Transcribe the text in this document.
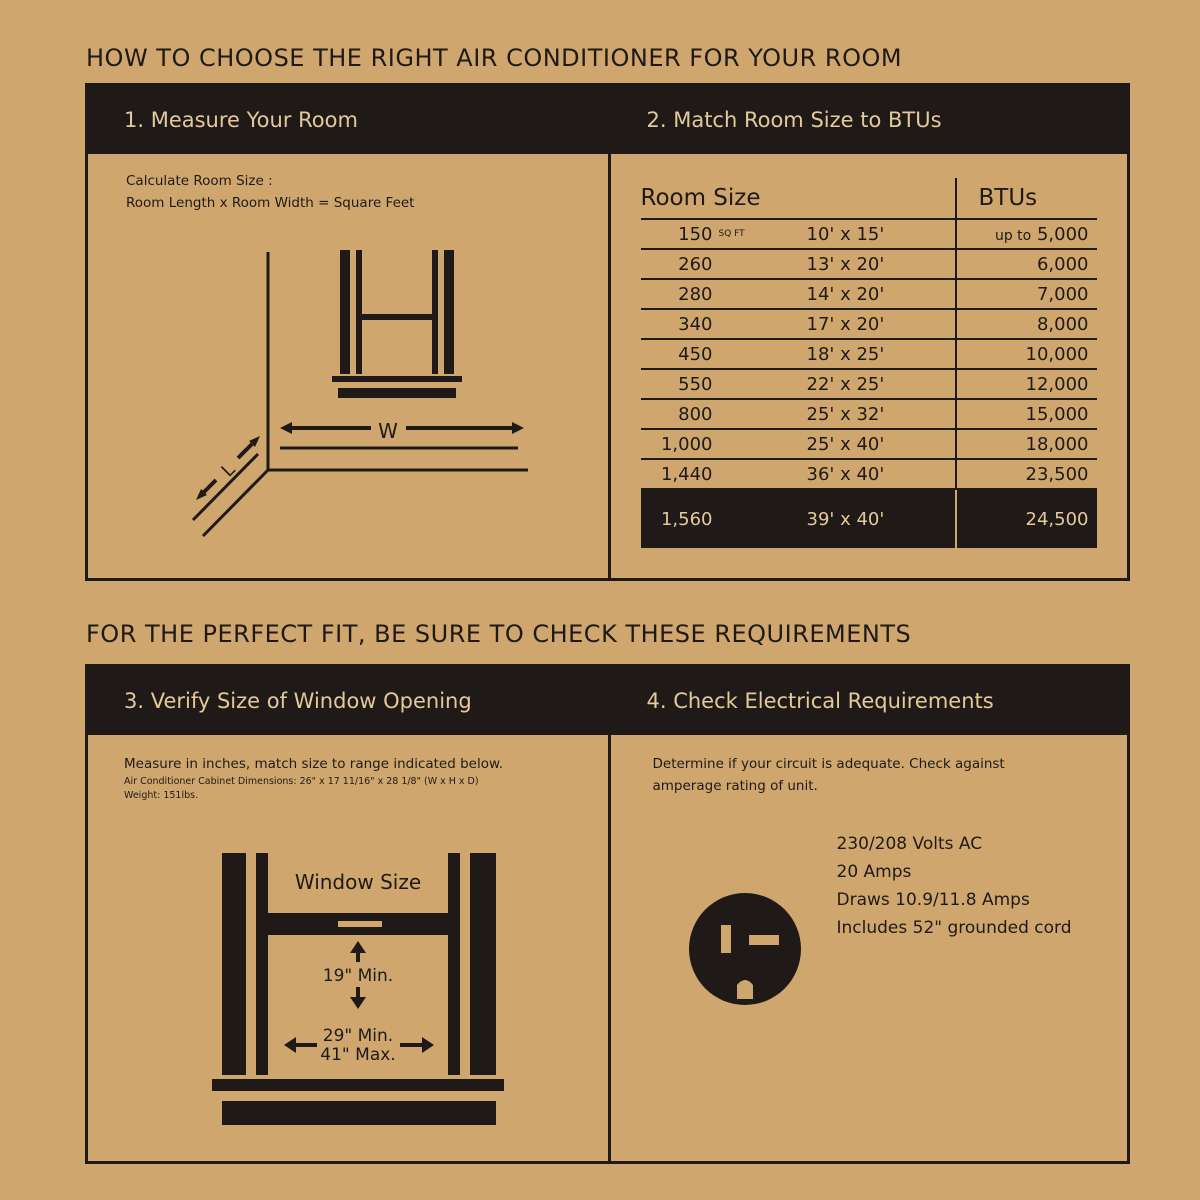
HOW TO CHOOSE THE RIGHT AIR CONDITIONER FOR YOUR ROOM
1. Measure Your Room
Calculate Room Size :
Room Length x Room Width = Square Feet
W
L
2. Match Room Size to BTUs
Room Size			BTUs
150	SQ FT	10' x 15'	up to 5,000
260		13' x 20'	6,000
280		14' x 20'	7,000
340		17' x 20'	8,000
450		18' x 25'	10,000
550		22' x 25'	12,000
800		25' x 32'	15,000
1,000		25' x 40'	18,000
1,440		36' x 40'	23,500
1,560		39' x 40'	24,500
FOR THE PERFECT FIT, BE SURE TO CHECK THESE REQUIREMENTS
3. Verify Size of Window Opening
Measure in inches, match size to range indicated below.
Air Conditioner Cabinet Dimensions: 26" x 17 11/16" x 28 1/8" (W x H x D)
Weight: 151lbs.
Window Size
19" Min.
29" Min.
41" Max.
4. Check Electrical Requirements
Determine if your circuit is adequate. Check against
amperage rating of unit.
230/208 Volts AC
20 Amps
Draws 10.9/11.8 Amps
Includes 52" grounded cord
